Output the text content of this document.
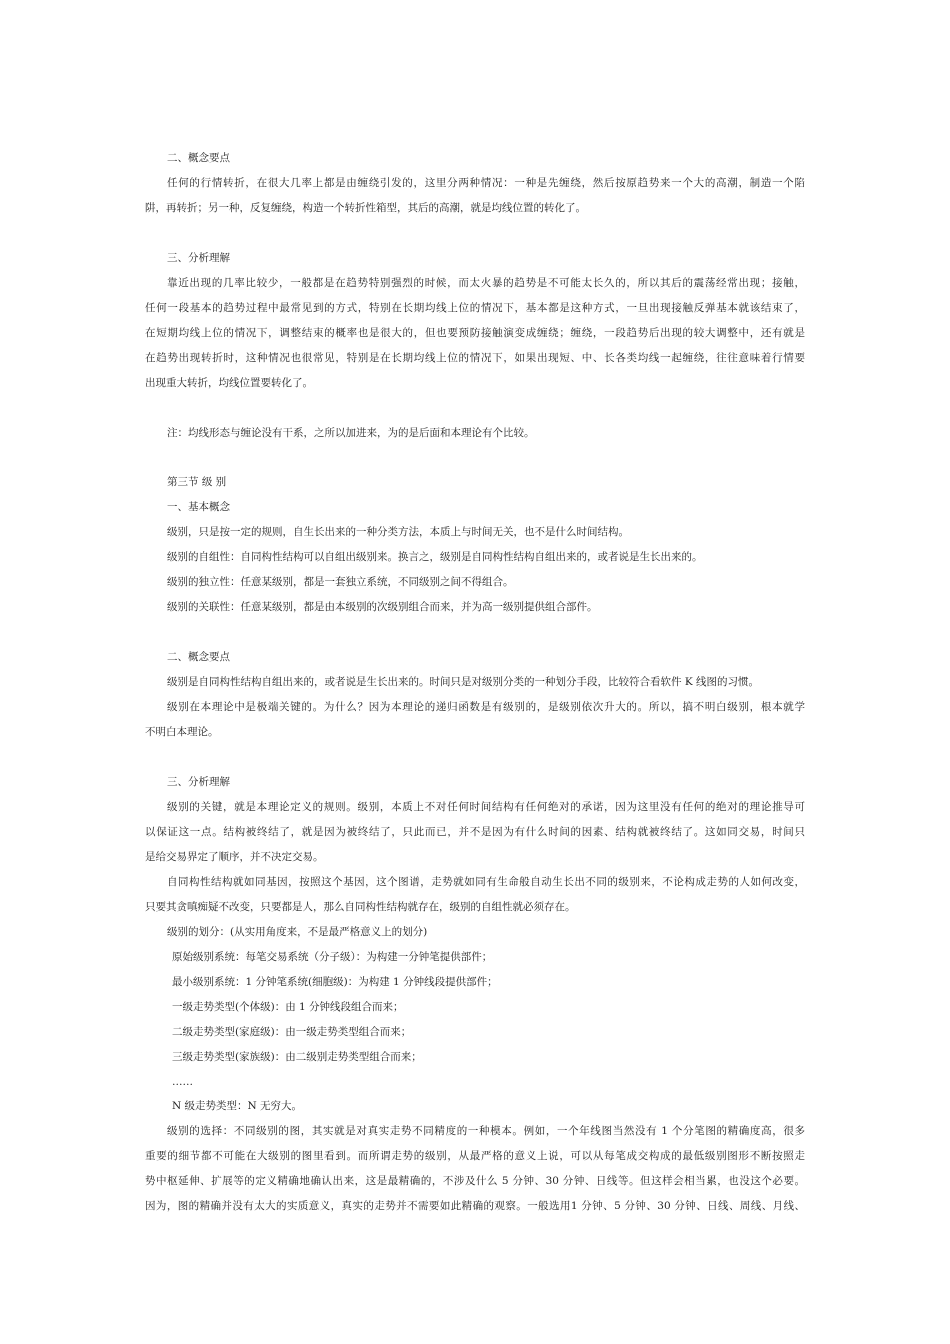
二、概念要点
任何的行情转折，在很大几率上都是由缠绕引发的，这里分两种情况：一种是先缠绕，然后按原趋势来一个大的高潮，制造一个陷
阱，再转折；另一种，反复缠绕，构造一个转折性箱型，其后的高潮，就是均线位置的转化了。
三、分析理解
靠近出现的几率比较少，一般都是在趋势特别强烈的时候，而太火暴的趋势是不可能太长久的，所以其后的震荡经常出现；接触，
任何一段基本的趋势过程中最常见到的方式，特别在长期均线上位的情况下，基本都是这种方式，一旦出现接触反弹基本就该结束了，
在短期均线上位的情况下，调整结束的概率也是很大的，但也要预防接触演变成缠绕；缠绕，一段趋势后出现的较大调整中，还有就是
在趋势出现转折时，这种情况也很常见，特别是在长期均线上位的情况下，如果出现短、中、长各类均线一起缠绕，往往意味着行情要
出现重大转折，均线位置要转化了。
注：均线形态与缠论没有干系，之所以加进来，为的是后面和本理论有个比较。
第三节 级 别
一、基本概念
级别，只是按一定的规则，自生长出来的一种分类方法，本质上与时间无关，也不是什么时间结构。
级别的自组性：自同构性结构可以自组出级别来。换言之，级别是自同构性结构自组出来的，或者说是生长出来的。
级别的独立性：任意某级别，都是一套独立系统，不同级别之间不得组合。
级别的关联性：任意某级别，都是由本级别的次级别组合而来，并为高一级别提供组合部件。
二、概念要点
级别是自同构性结构自组出来的，或者说是生长出来的。时间只是对级别分类的一种划分手段，比较符合看软件 K 线图的习惯。
级别在本理论中是极端关键的。为什么？因为本理论的递归函数是有级别的，是级别依次升大的。所以，搞不明白级别，根本就学
不明白本理论。
三、分析理解
级别的关键，就是本理论定义的规则。级别，本质上不对任何时间结构有任何绝对的承诺，因为这里没有任何的绝对的理论推导可
以保证这一点。结构被终结了，就是因为被终结了，只此而已，并不是因为有什么时间的因素、结构就被终结了。这如同交易，时间只
是给交易界定了顺序，并不决定交易。
自同构性结构就如同基因，按照这个基因，这个图谱，走势就如同有生命般自动生长出不同的级别来，不论构成走势的人如何改变，
只要其贪嗔痴疑不改变，只要都是人，那么自同构性结构就存在，级别的自组性就必须存在。
级别的划分：(从实用角度来，不是最严格意义上的划分)
原始级别系统：每笔交易系统（分子级）：为构建一分钟笔提供部件；
最小级别系统：1 分钟笔系统(细胞级)：为构建 1 分钟线段提供部件；
一级走势类型(个体级)：由 1 分钟线段组合而来；
二级走势类型(家庭级)：由一级走势类型组合而来；
三级走势类型(家族级)：由二级别走势类型组合而来；
……
N 级走势类型：N 无穷大。
级别的选择：不同级别的图，其实就是对真实走势不同精度的一种模本。例如，一个年线图当然没有 1 个分笔图的精确度高，很多
重要的细节都不可能在大级别的图里看到。而所谓走势的级别，从最严格的意义上说，可以从每笔成交构成的最低级别图形不断按照走
势中枢延伸、扩展等的定义精确地确认出来，这是最精确的，不涉及什么 5 分钟、30 分钟、日线等。但这样会相当累，也没这个必要。
因为，图的精确并没有太大的实质意义，真实的走势并不需要如此精确的观察。一般选用1 分钟、5 分钟、30 分钟、日线、周线、月线、
